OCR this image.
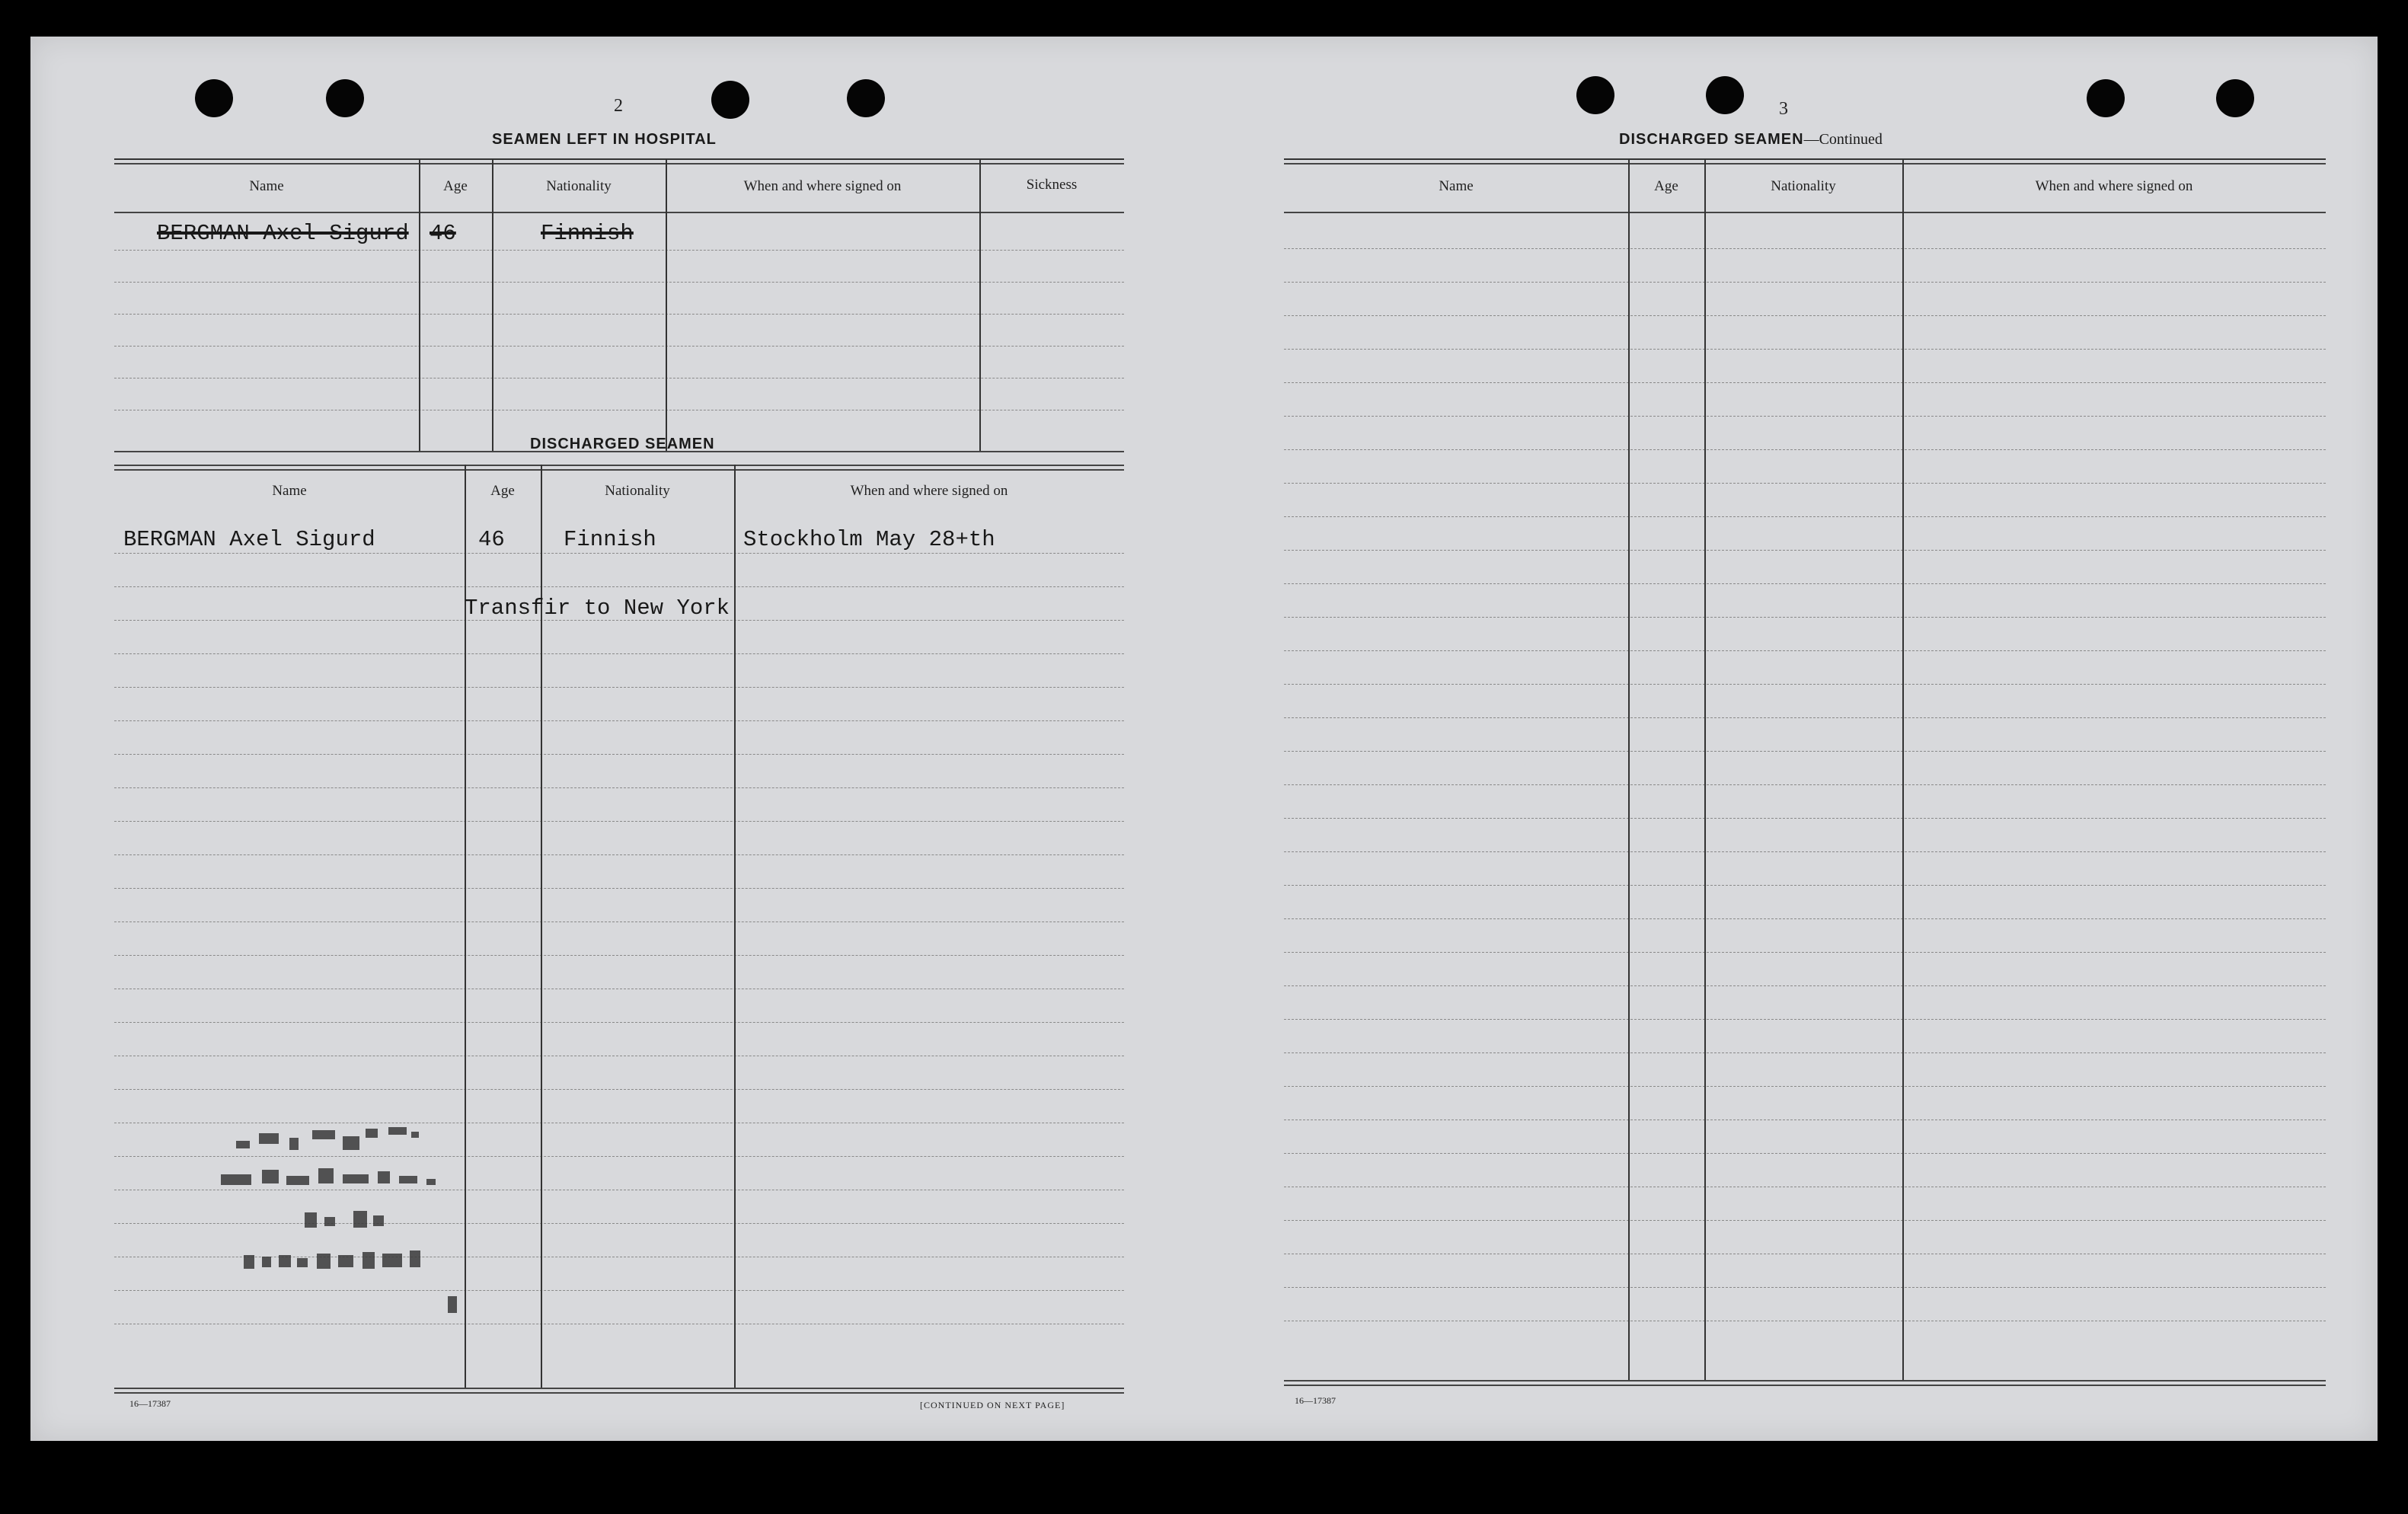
2
SEAMEN LEFT IN HOSPITAL
Name	Age	Nationality	When and where signed on	Sickness
BERGMAN Axel Sigurd 46	Finnish
DISCHARGED SEAMEN
Name	Age	Nationality	When and where signed on
BERGMAN Axel Sigurd	46	Finnish	Stockholm May 28+th
Transfir to New York
16—17387	[CONTINUED ON NEXT PAGE]
3
DISCHARGED SEAMEN—Continued
Name	Age	Nationality	When and where signed on
16—17387
